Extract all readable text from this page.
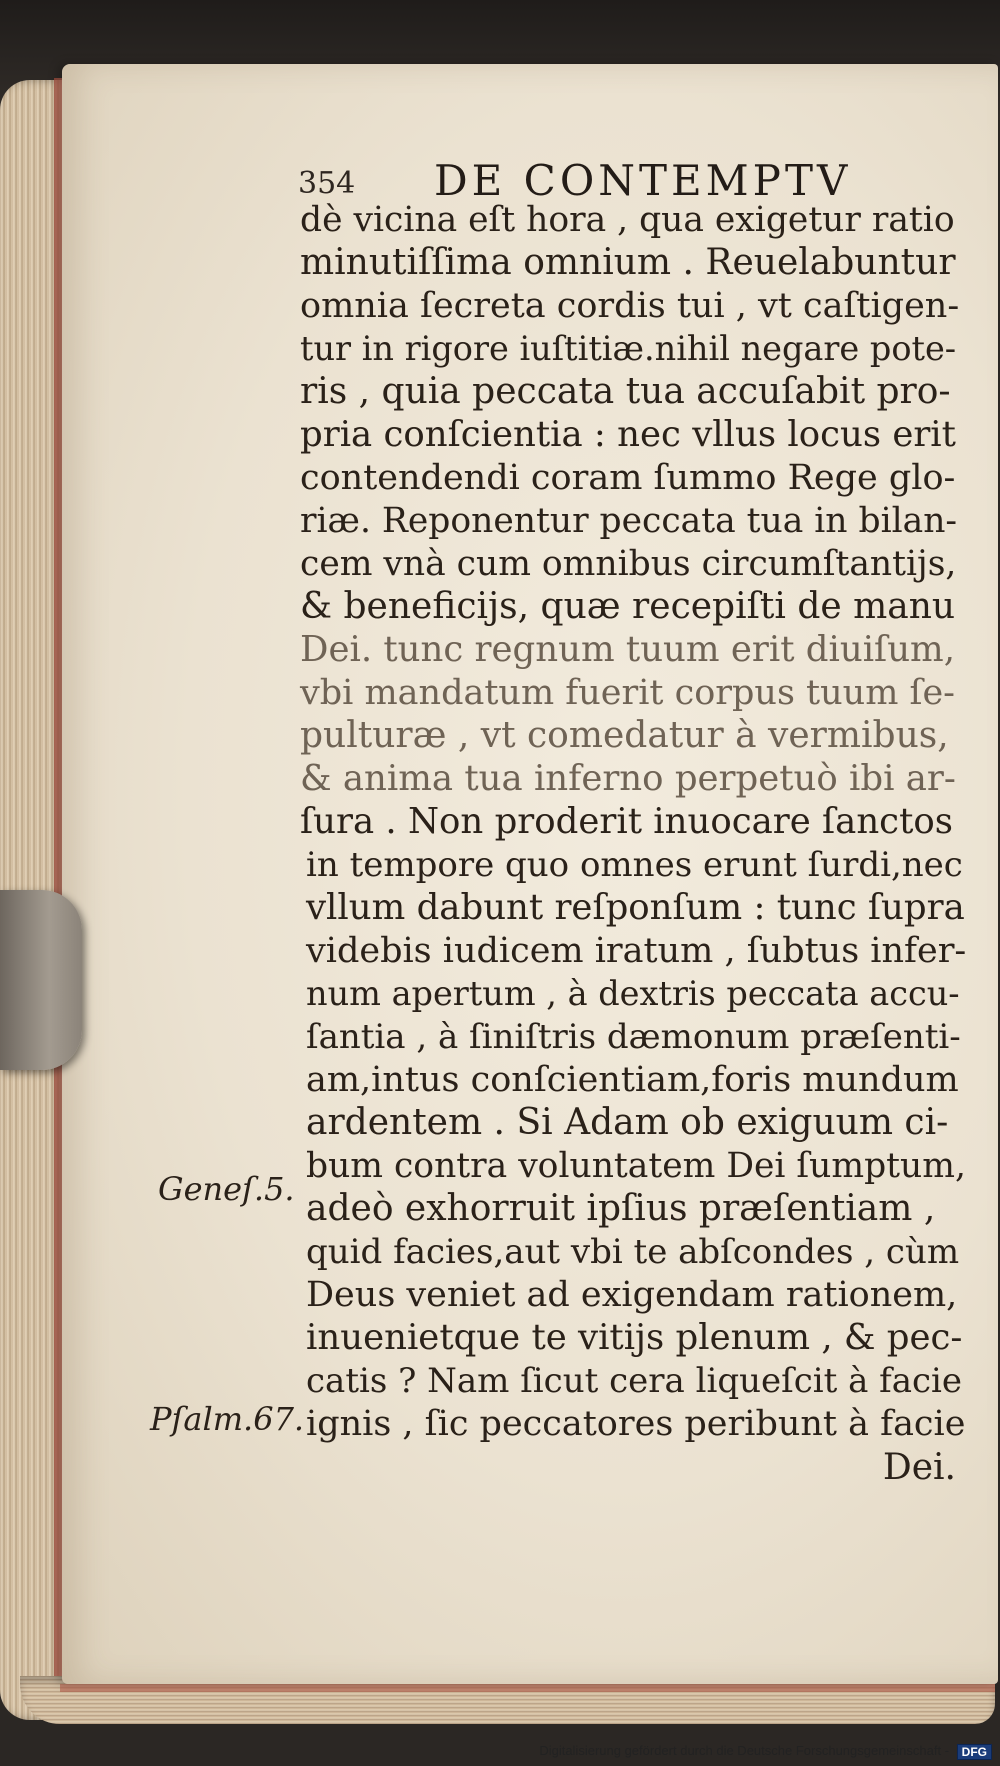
354 DE CONTEMPTV
dè vicina eſt hora , qua exigetur ratio
minutiſſima omnium . Reuelabuntur
omnia ſecreta cordis tui , vt caſtigen-
tur in rigore iuſtitiæ.nihil negare pote-
ris , quia peccata tua accuſabit pro-
pria conſcientia : nec vllus locus erit
contendendi coram ſummo Rege glo-
riæ. Reponentur peccata tua in bilan-
cem vnà cum omnibus circumſtantijs,
& beneficijs, quæ recepiſti de manu
Dei. tunc regnum tuum erit diuiſum,
vbi mandatum fuerit corpus tuum ſe-
pulturæ , vt comedatur à vermibus,
& anima tua inferno perpetuò ibi ar-
ſura . Non proderit inuocare ſanctos
in tempore quo omnes erunt ſurdi,nec
vllum dabunt reſponſum : tunc ſupra
videbis iudicem iratum , ſubtus infer-
num apertum , à dextris peccata accu-
ſantia , à ſiniſtris dæmonum præſenti-
am,intus conſcientiam,foris mundum
ardentem . Si Adam ob exiguum ci-
bum contra voluntatem Dei ſumptum,
adeò exhorruit ipſius præſentiam ,
quid facies,aut vbi te abſcondes , cùm
Deus veniet ad exigendam rationem,
inuenietque te vitijs plenum , & pec-
catis ? Nam ſicut cera liqueſcit à facie
ignis , ſic peccatores peribunt à facie
Dei.
Geneſ.5.
Pſalm.67.
Digitalisierung gefördert durch die Deutsche Forschungsgemeinschaft - DFG
